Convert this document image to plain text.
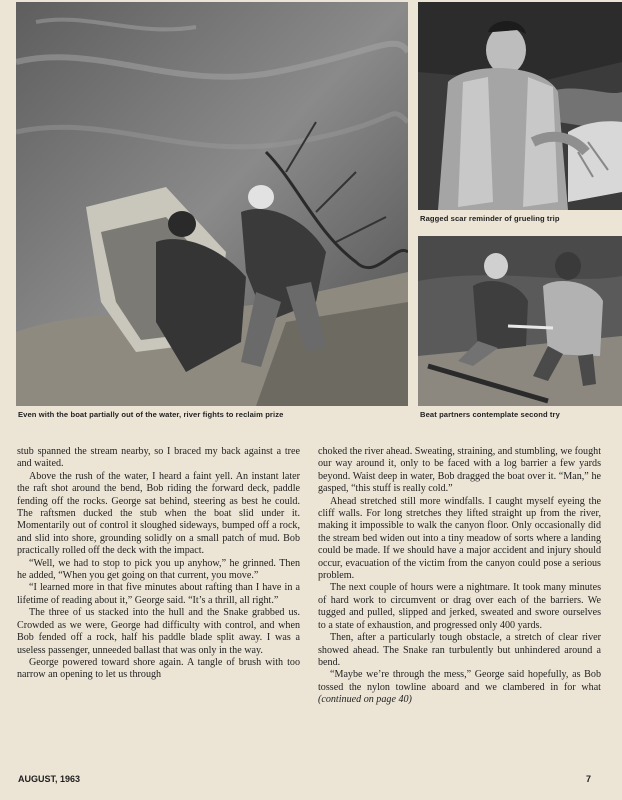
Even with the boat partially out of the water, river fights to reclaim prize
Ragged scar reminder of grueling trip
Beat partners contemplate second try

stub spanned the stream nearby, so I braced my back against a tree and waited.

Above the rush of the water, I heard a faint yell. An instant later the raft shot around the bend, Bob riding the forward deck, paddle fending off the rocks. George sat behind, steering as best he could. The raftsmen ducked the stub when the boat slid under it. Momentarily out of control it sloughed sideways, bumped off a rock, and slid into shore, grounding solidly on a small patch of mud. Bob practically rolled off the deck with the impact.

“Well, we had to stop to pick you up anyhow,” he grinned. Then he added, “When you get going on that current, you move.”

“I learned more in that five minutes about rafting than I have in a lifetime of reading about it,” George said. “It’s a thrill, all right.”

The three of us stacked into the hull and the Snake grabbed us. Crowded as we were, George had difficulty with control, and when Bob fended off a rock, half his paddle blade split away. I was a useless passenger, unneeded ballast that was only in the way.

George powered toward shore again. A tangle of brush with too narrow an opening to let us through

choked the river ahead. Sweating, straining, and stumbling, we fought our way around it, only to be faced with a log barrier a few yards beyond. Waist deep in water, Bob dragged the boat over it. “Man,” he gasped, “this stuff is really cold.”

Ahead stretched still more windfalls. I caught myself eyeing the cliff walls. For long stretches they lifted straight up from the river, making it impossible to walk the canyon floor. Only occasionally did the stream bed widen out into a tiny meadow of sorts where a landing could be made. If we should have a major accident and injury should occur, evacuation of the victim from the canyon could pose a serious problem.

The next couple of hours were a nightmare. It took many minutes of hard work to circumvent or drag over each of the barriers. We tugged and pulled, slipped and jerked, sweated and swore ourselves to a state of exhaustion, and progressed only 400 yards.

Then, after a particularly tough obstacle, a stretch of clear river showed ahead. The Snake ran turbulently but unhindered around a bend.

“Maybe we’re through the mess,” George said hopefully, as Bob tossed the nylon towline aboard and we clambered in for what (continued on page 40)

AUGUST, 1963	7
